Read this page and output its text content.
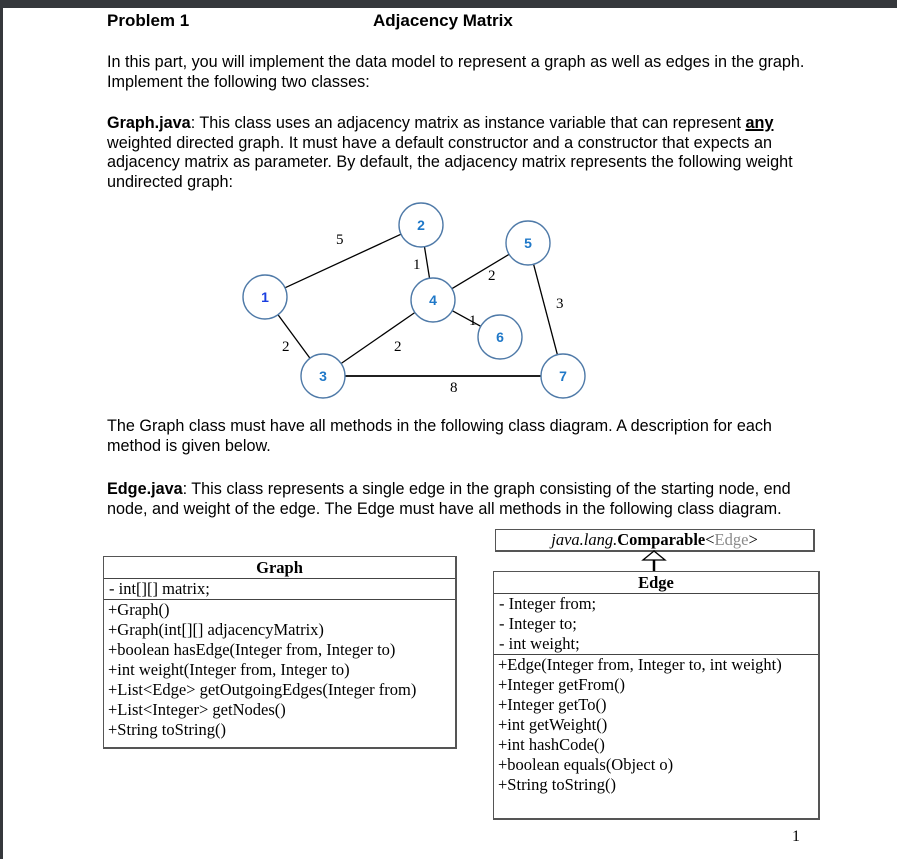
Problem 1	Adjacency Matrix
In this part, you will implement the data model to represent a graph as well as edges in the graph. Implement the following two classes:
Graph.java: This class uses an adjacency matrix as instance variable that can represent any weighted directed graph. It must have a default constructor and a constructor that expects an adjacency matrix as parameter. By default, the adjacency matrix represents the following weight undirected graph:
5
2
1
2
2
1
3
8
1
2
3
4
5
6
7
The Graph class must have all methods in the following class diagram. A description for each method is given below.
Edge.java: This class represents a single edge in the graph consisting of the starting node, end node, and weight of the edge. The Edge must have all methods in the following class diagram.
Graph
- int[][] matrix;
+Graph()
+Graph(int[][] adjacencyMatrix)
+boolean hasEdge(Integer from, Integer to)
+int weight(Integer from, Integer to)
+List<Edge> getOutgoingEdges(Integer from)
+List<Integer> getNodes()
+String toString()
java.lang.Comparable<Edge>
Edge
- Integer from;
- Integer to;
- int weight;
+Edge(Integer from, Integer to, int weight)
+Integer getFrom()
+Integer getTo()
+int getWeight()
+int hashCode()
+boolean equals(Object o)
+String toString()
1
